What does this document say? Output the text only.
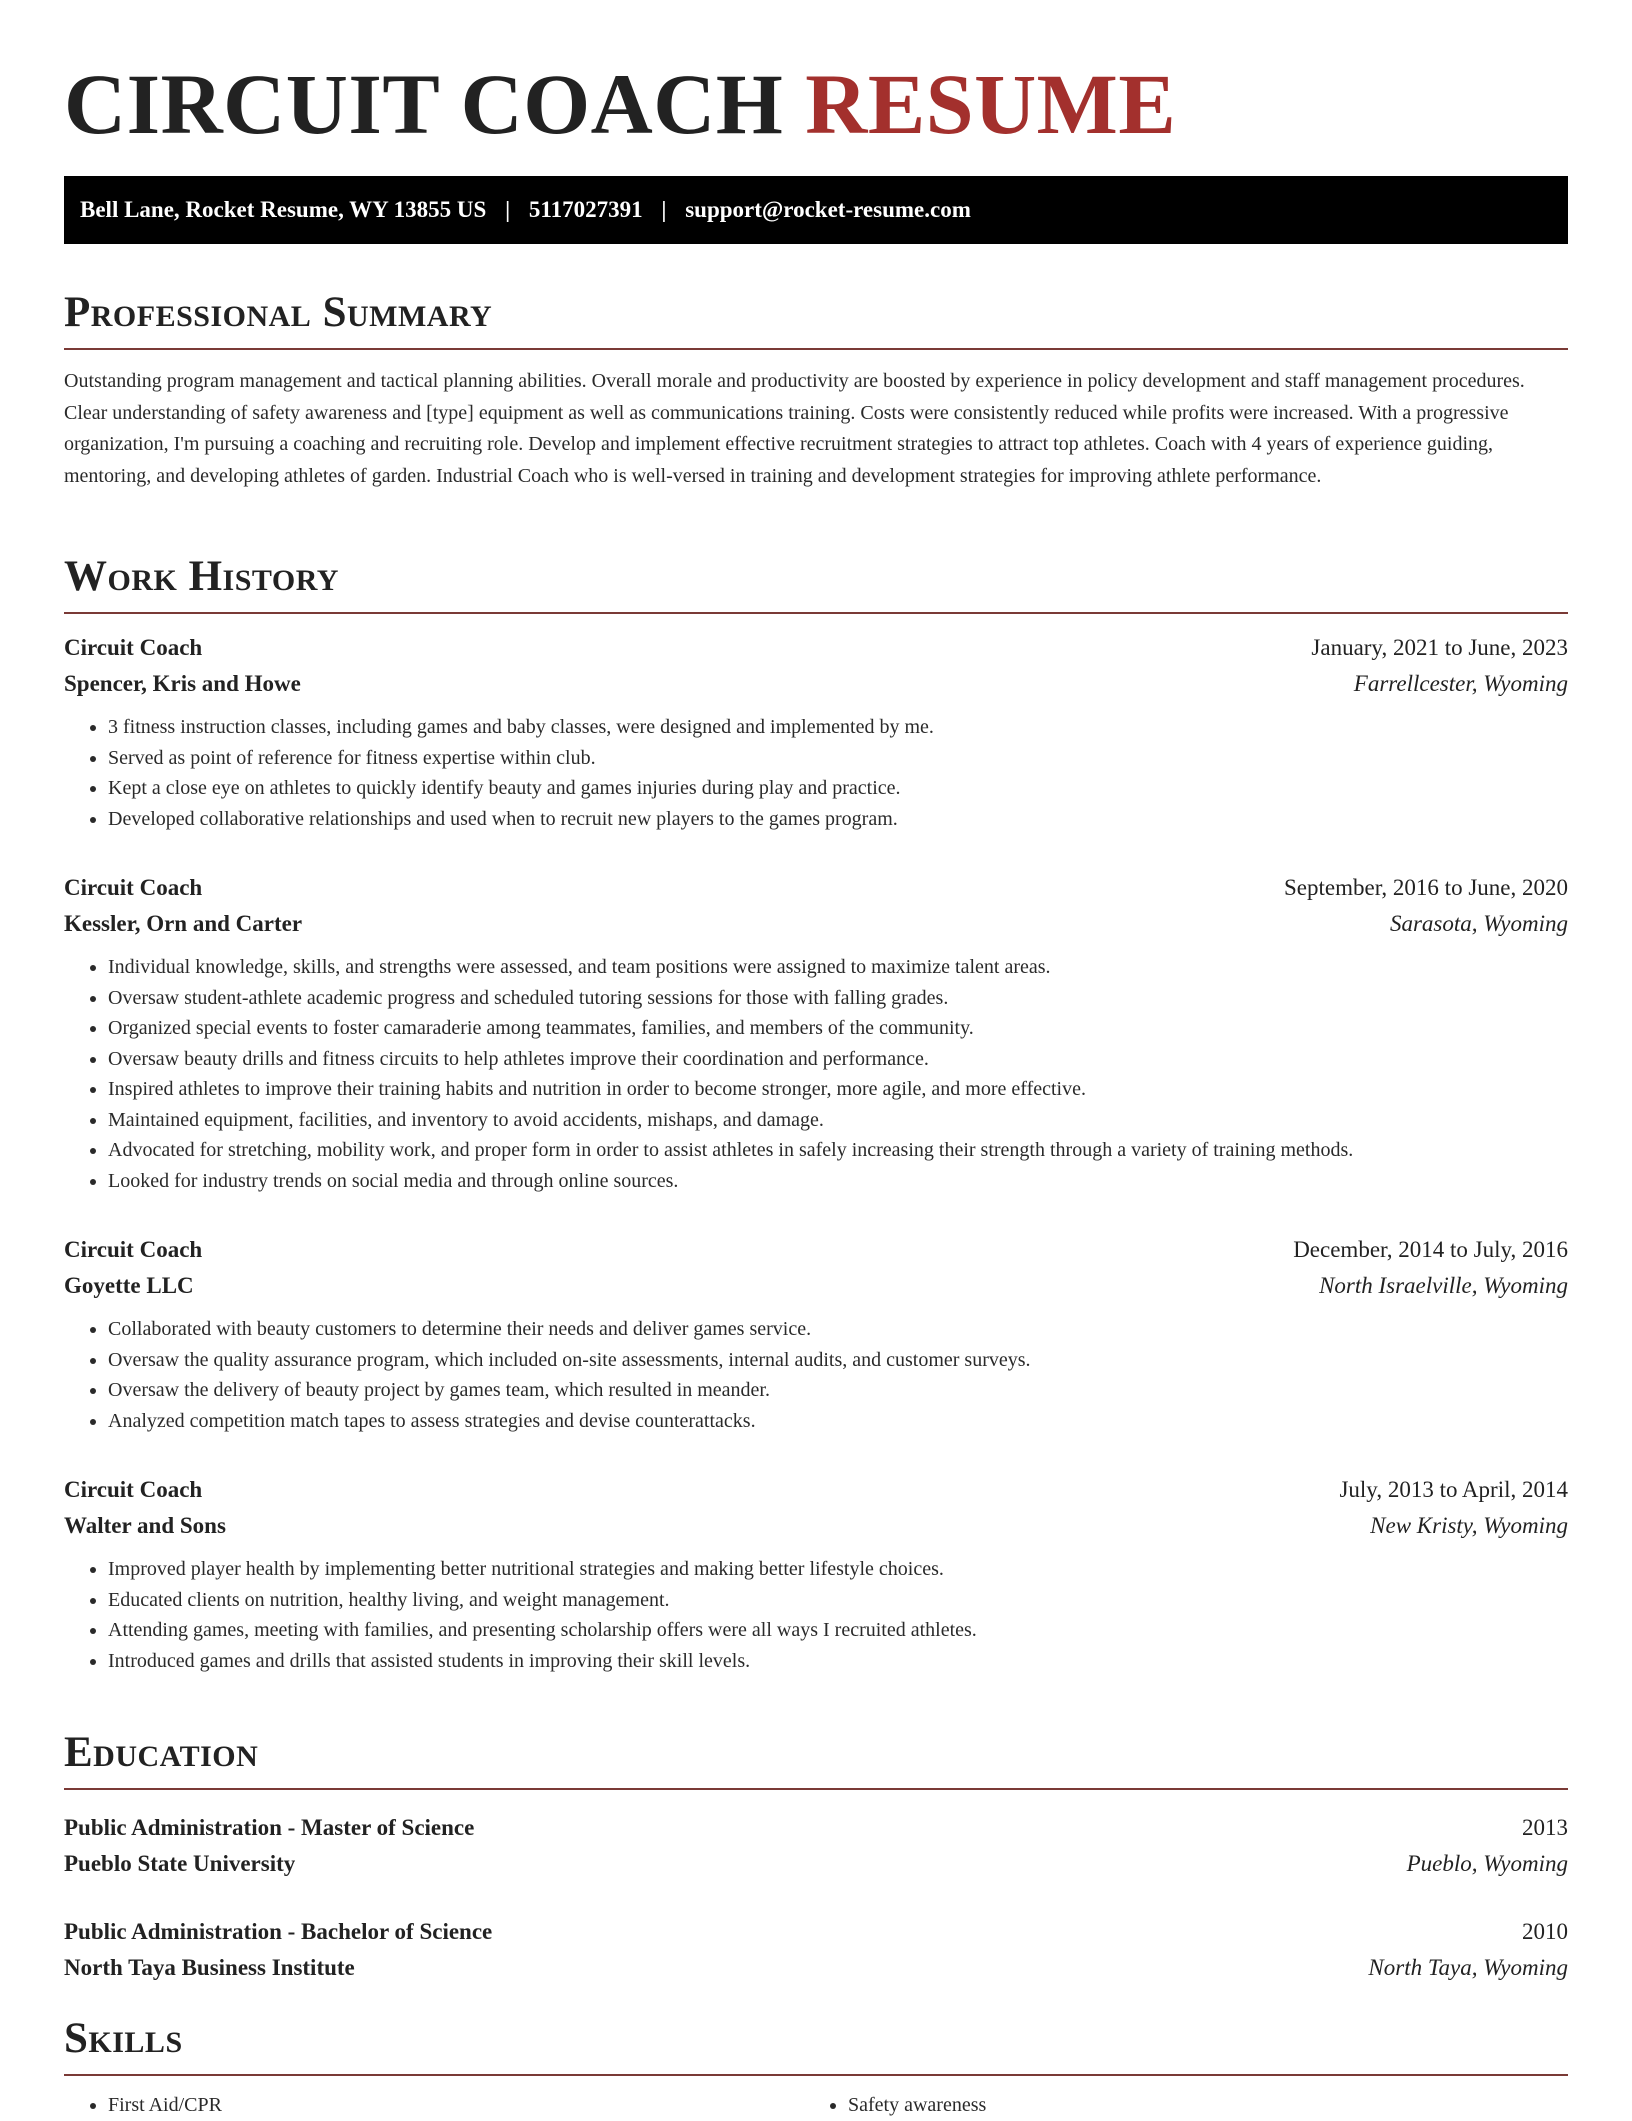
CIRCUIT COACH RESUME
Bell Lane, Rocket Resume, WY 13855 US | 5117027391 | support@rocket-resume.com
Professional Summary

Outstanding program management and tactical planning abilities. Overall morale and productivity are boosted by experience in policy development and staff management procedures. Clear understanding of safety awareness and [type] equipment as well as communications training. Costs were consistently reduced while profits were increased. With a progressive organization, I'm pursuing a coaching and recruiting role. Develop and implement effective recruitment strategies to attract top athletes. Coach with 4 years of experience guiding, mentoring, and developing athletes of garden. Industrial Coach who is well-versed in training and development strategies for improving athlete performance.

Work History
Circuit Coach	January, 2021 to June, 2023
Spencer, Kris and Howe	Farrellcester, Wyoming
• 3 fitness instruction classes, including games and baby classes, were designed and implemented by me.
• Served as point of reference for fitness expertise within club.
• Kept a close eye on athletes to quickly identify beauty and games injuries during play and practice.
• Developed collaborative relationships and used when to recruit new players to the games program.
Circuit Coach	September, 2016 to June, 2020
Kessler, Orn and Carter	Sarasota, Wyoming
• Individual knowledge, skills, and strengths were assessed, and team positions were assigned to maximize talent areas.
• Oversaw student-athlete academic progress and scheduled tutoring sessions for those with falling grades.
• Organized special events to foster camaraderie among teammates, families, and members of the community.
• Oversaw beauty drills and fitness circuits to help athletes improve their coordination and performance.
• Inspired athletes to improve their training habits and nutrition in order to become stronger, more agile, and more effective.
• Maintained equipment, facilities, and inventory to avoid accidents, mishaps, and damage.
• Advocated for stretching, mobility work, and proper form in order to assist athletes in safely increasing their strength through a variety of training methods.
• Looked for industry trends on social media and through online sources.
Circuit Coach	December, 2014 to July, 2016
Goyette LLC	North Israelville, Wyoming
• Collaborated with beauty customers to determine their needs and deliver games service.
• Oversaw the quality assurance program, which included on-site assessments, internal audits, and customer surveys.
• Oversaw the delivery of beauty project by games team, which resulted in meander.
• Analyzed competition match tapes to assess strategies and devise counterattacks.
Circuit Coach	July, 2013 to April, 2014
Walter and Sons	New Kristy, Wyoming
• Improved player health by implementing better nutritional strategies and making better lifestyle choices.
• Educated clients on nutrition, healthy living, and weight management.
• Attending games, meeting with families, and presenting scholarship offers were all ways I recruited athletes.
• Introduced games and drills that assisted students in improving their skill levels.
Education
Public Administration - Master of Science	2013
Pueblo State University	Pueblo, Wyoming
Public Administration - Bachelor of Science	2010
North Taya Business Institute	North Taya, Wyoming
Skills
• First Aid/CPR
•	Safety awareness
